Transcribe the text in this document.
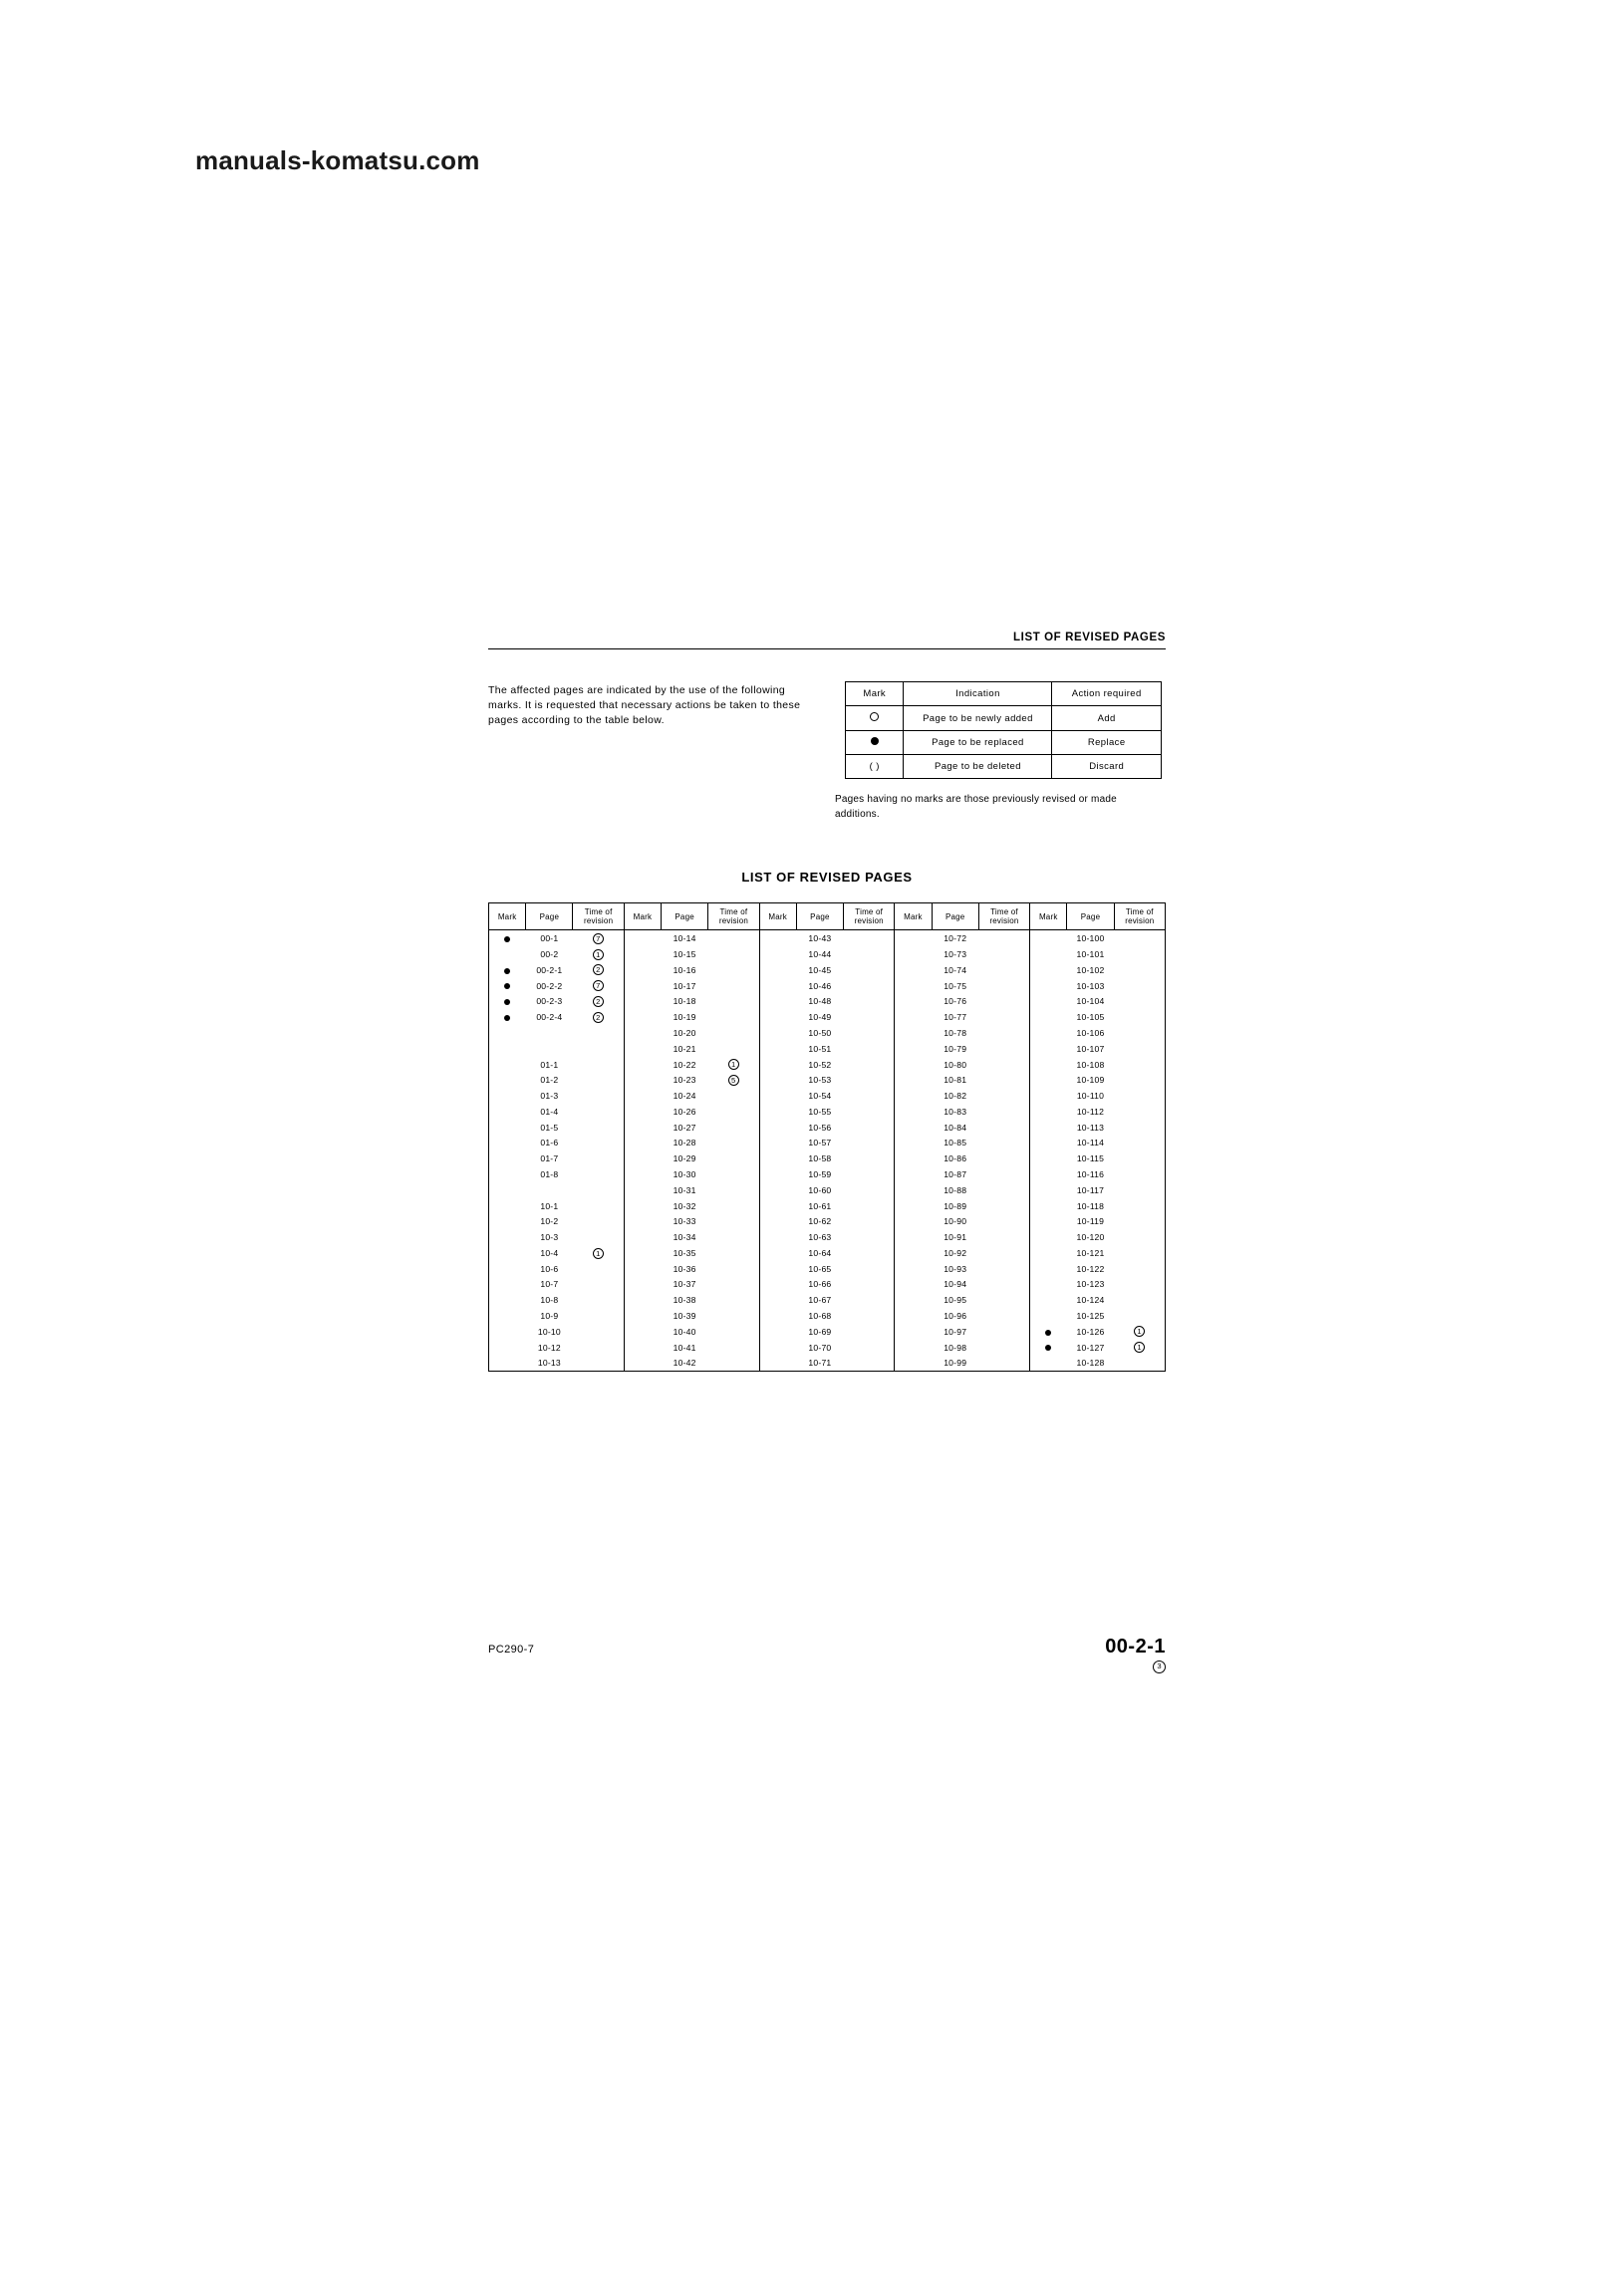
manuals-komatsu.com
LIST OF REVISED PAGES
The affected pages are indicated by the use of the following marks. It is requested that necessary actions be taken to these pages according to the table below.
Mark	Indication	Action required
	Page to be newly added	Add
	Page to be replaced	Replace
( )	Page to be deleted	Discard
Pages having no marks are those previously revised or made additions.
LIST OF REVISED PAGES
Mark	Page	Time of revision	Mark	Page	Time of revision	Mark	Page	Time of revision	Mark	Page	Time of revision	Mark	Page	Time of revision
	00-1	7		10-14			10-43			10-72			10-100	
	00-2	1		10-15			10-44			10-73			10-101	
	00-2-1	2		10-16			10-45			10-74			10-102	
	00-2-2	7		10-17			10-46			10-75			10-103	
	00-2-3	2		10-18			10-48			10-76			10-104	
	00-2-4	2		10-19			10-49			10-77			10-105	
				10-20			10-50			10-78			10-106	
				10-21			10-51			10-79			10-107	
	01-1			10-22	1		10-52			10-80			10-108	
	01-2			10-23	5		10-53			10-81			10-109	
	01-3			10-24			10-54			10-82			10-110	
	01-4			10-26			10-55			10-83			10-112	
	01-5			10-27			10-56			10-84			10-113	
	01-6			10-28			10-57			10-85			10-114	
	01-7			10-29			10-58			10-86			10-115	
	01-8			10-30			10-59			10-87			10-116	
				10-31			10-60			10-88			10-117	
	10-1			10-32			10-61			10-89			10-118	
	10-2			10-33			10-62			10-90			10-119	
	10-3			10-34			10-63			10-91			10-120	
	10-4	1		10-35			10-64			10-92			10-121	
	10-6			10-36			10-65			10-93			10-122	
	10-7			10-37			10-66			10-94			10-123	
	10-8			10-38			10-67			10-95			10-124	
	10-9			10-39			10-68			10-96			10-125	
	10-10			10-40			10-69			10-97			10-126	1
	10-12			10-41			10-70			10-98			10-127	1
	10-13			10-42			10-71			10-99			10-128	
PC290-7	00-2-1
3
